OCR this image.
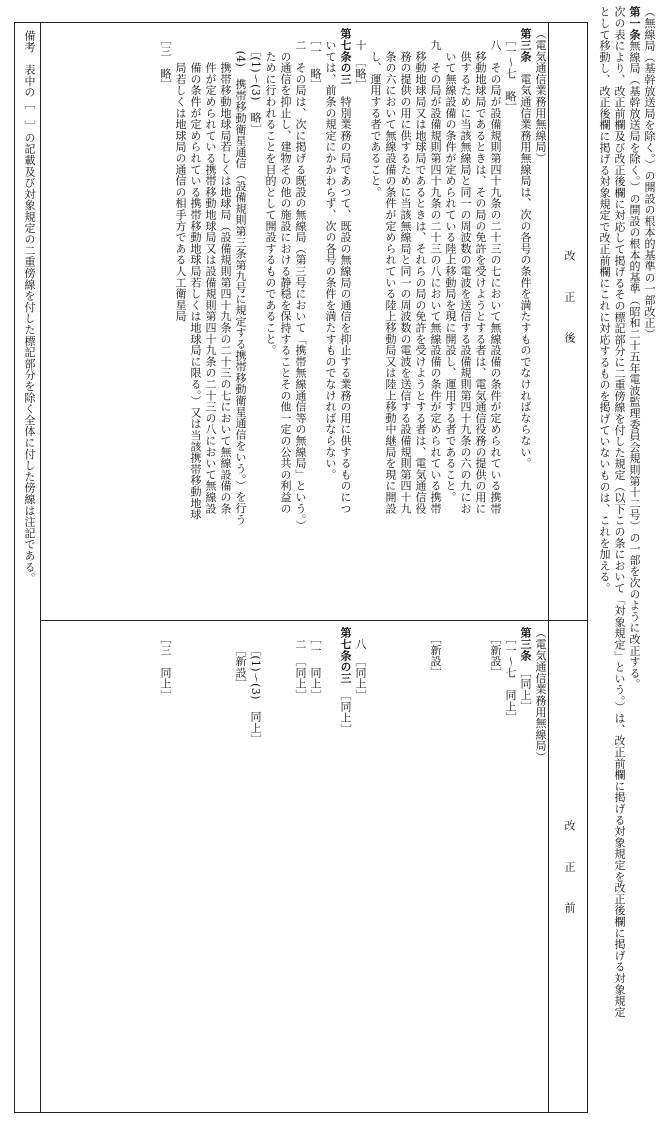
（無線局（基幹放送局を除く。）の開設の根本的基準の一部改正）
第一条無線局（基幹放送局を除く。）の開設の根本的基準（昭和二十五年電波監理委員会規則第十二号）の一部を次のように改正する。
次の表により、改正前欄及び改正後欄に対応して掲げるその標記部分に二重傍線を付した規定（以下この条において「対象規定」という。）は、改正前欄に掲げる対象規定を改正後欄に掲げる対象規定
として移動し、改正後欄に掲げる対象規定で改正前欄にこれに対応するものを掲げていないものは、これを加える。
改正後
改正前
（電気通信業務用無線局）
第三条　電気通信業務用無線局は、次の各号の条件を満たすものでなければならない。
　［一～七　略］
　八　その局が設備規則第四十九条の二十三の七において無線設備の条件が定められている携帯
　　移動地球局であるときは、その局の免許を受けようとする者は、電気通信役務の提供の用に
　　供するために当該無線局と同一の周波数の電波を送信する設備規則第四十九条の六の九にお
　　いて無線設備の条件が定められている陸上移動局を現に開設し、運用する者であること。
　九　その局が設備規則第四十九条の二十三の八において無線設備の条件が定められている携帯
　　移動地球局又は地球局であるときは、それらの局の免許を受けようとする者は、電気通信役
　　務の提供の用に供するために当該無線局と同一の周波数の電波を送信する設備規則第四十九
　　条の六において無線設備の条件が定められている陸上移動局又は陸上移動中継局を現に開設
　　し、運用する者であること。
　十　［略］
第七条の三　特別業務の局であつて、既設の無線局の通信を抑止する業務の用に供するものにつ
　いては、前条の規定にかかわらず、次の各号の条件を満たすものでなければならない。
　［一　略］
　二　その局は、次に掲げる既設の無線局（第三号において「携帯無線通信等の無線局」という。）
　　の通信を抑止し、建物その他の施設における静穏を保持することその他一定の公共の利益の
　　ために行われることを目的として開設するものであること。
　　［(1)～(3)　略］
　　(4)　携帯移動衛星通信（設備規則第三条第九号に規定する携帯移動衛星通信をいう。）を行う
　　　携帯移動地球局若しくは地球局（設備規則第四十九条の二十三の七において無線設備の条
　　　件が定められている携帯移動地球局又は設備規則第四十九条の二十三の八において無線設
　　　備の条件が定められている携帯移動地球局若しくは地球局に限る。）又は当該携帯移動地球
　　　局若しくは地球局の通信の相手方である人工衛星局
　［三　略］
（電気通信業務用無線局）
第三条　［同上］
　［一～七　同上］
　［新設］
　［新設］
　八　［同上］
第七条の三　［同上］
　［一　同上］
　二　［同上］
　　［(1)～(3)　同上］
　　［新設］
　［三　同上］
備考　表中の［　］の記載及び対象規定の二重傍線を付した標記部分を除く全体に付した傍線は注記である。
